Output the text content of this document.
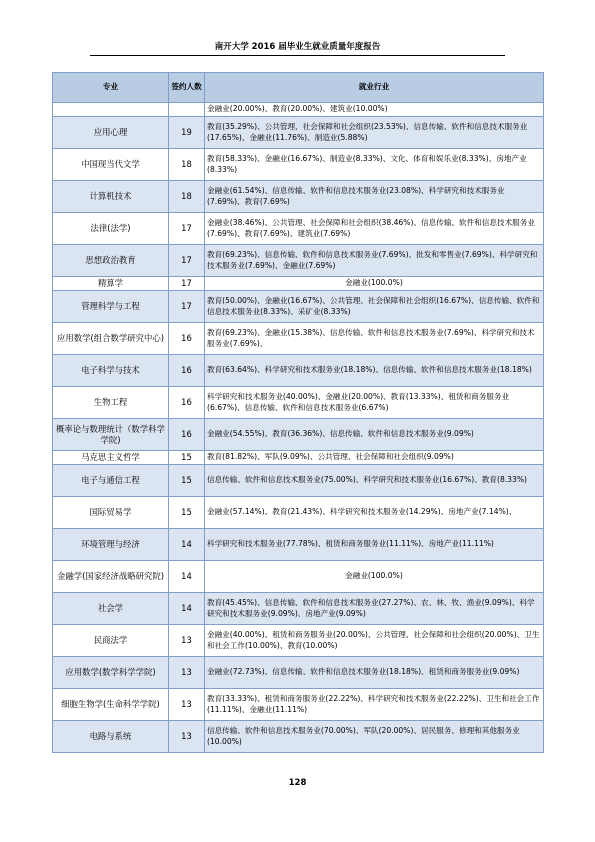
南开大学 2016 届毕业生就业质量年度报告
专业	签约人数	就业行业
		金融业(20.00%)、教育(20.00%)、建筑业(10.00%)
应用心理	19	教育(35.29%)、公共管理、社会保障和社会组织(23.53%)、信息传输、软件和信息技术服务业(17.65%)、金融业(11.76%)、制造业(5.88%)
中国现当代文学	18	教育(58.33%)、金融业(16.67%)、制造业(8.33%)、文化、体育和娱乐业(8.33%)、房地产业(8.33%)
计算机技术	18	金融业(61.54%)、信息传输、软件和信息技术服务业(23.08%)、科学研究和技术服务业(7.69%)、教育(7.69%)
法律(法学)	17	金融业(38.46%)、公共管理、社会保障和社会组织(38.46%)、信息传输、软件和信息技术服务业(7.69%)、教育(7.69%)、建筑业(7.69%)
思想政治教育	17	教育(69.23%)、信息传输、软件和信息技术服务业(7.69%)、批发和零售业(7.69%)、科学研究和技术服务业(7.69%)、金融业(7.69%)
精算学	17	金融业(100.0%)
管理科学与工程	17	教育(50.00%)、金融业(16.67%)、公共管理、社会保障和社会组织(16.67%)、信息传输、软件和信息技术服务业(8.33%)、采矿业(8.33%)
应用数学(组合数学研究中心)	16	教育(69.23%)、金融业(15.38%)、信息传输、软件和信息技术服务业(7.69%)、科学研究和技术服务业(7.69%)、
电子科学与技术	16	教育(63.64%)、科学研究和技术服务业(18.18%)、信息传输、软件和信息技术服务业(18.18%)
生物工程	16	科学研究和技术服务业(40.00%)、金融业(20.00%)、教育(13.33%)、租赁和商务服务业(6.67%)、信息传输、软件和信息技术服务业(6.67%)
概率论与数理统计（数学科学学院)	16	金融业(54.55%)、教育(36.36%)、信息传输、软件和信息技术服务业(9.09%)
马克思主义哲学	15	教育(81.82%)、军队(9.09%)、公共管理、社会保障和社会组织(9.09%)
电子与通信工程	15	信息传输、软件和信息技术服务业(75.00%)、科学研究和技术服务业(16.67%)、教育(8.33%)
国际贸易学	15	金融业(57.14%)、教育(21.43%)、科学研究和技术服务业(14.29%)、房地产业(7.14%)、
环境管理与经济	14	科学研究和技术服务业(77.78%)、租赁和商务服务业(11.11%)、房地产业(11.11%)
金融学(国家经济战略研究院)	14	金融业(100.0%)
社会学	14	教育(45.45%)、信息传输、软件和信息技术服务业(27.27%)、农、林、牧、渔业(9.09%)、科学研究和技术服务业(9.09%)、房地产业(9.09%)
民商法学	13	金融业(40.00%)、租赁和商务服务业(20.00%)、公共管理、社会保障和社会组织(20.00%)、卫生和社会工作(10.00%)、教育(10.00%)
应用数学(数学科学学院)	13	金融业(72.73%)、信息传输、软件和信息技术服务业(18.18%)、租赁和商务服务业(9.09%)
细胞生物学(生命科学学院)	13	教育(33.33%)、租赁和商务服务业(22.22%)、科学研究和技术服务业(22.22%)、卫生和社会工作(11.11%)、金融业(11.11%)
电路与系统	13	信息传输、软件和信息技术服务业(70.00%)、军队(20.00%)、居民服务、修理和其他服务业(10.00%)
128
